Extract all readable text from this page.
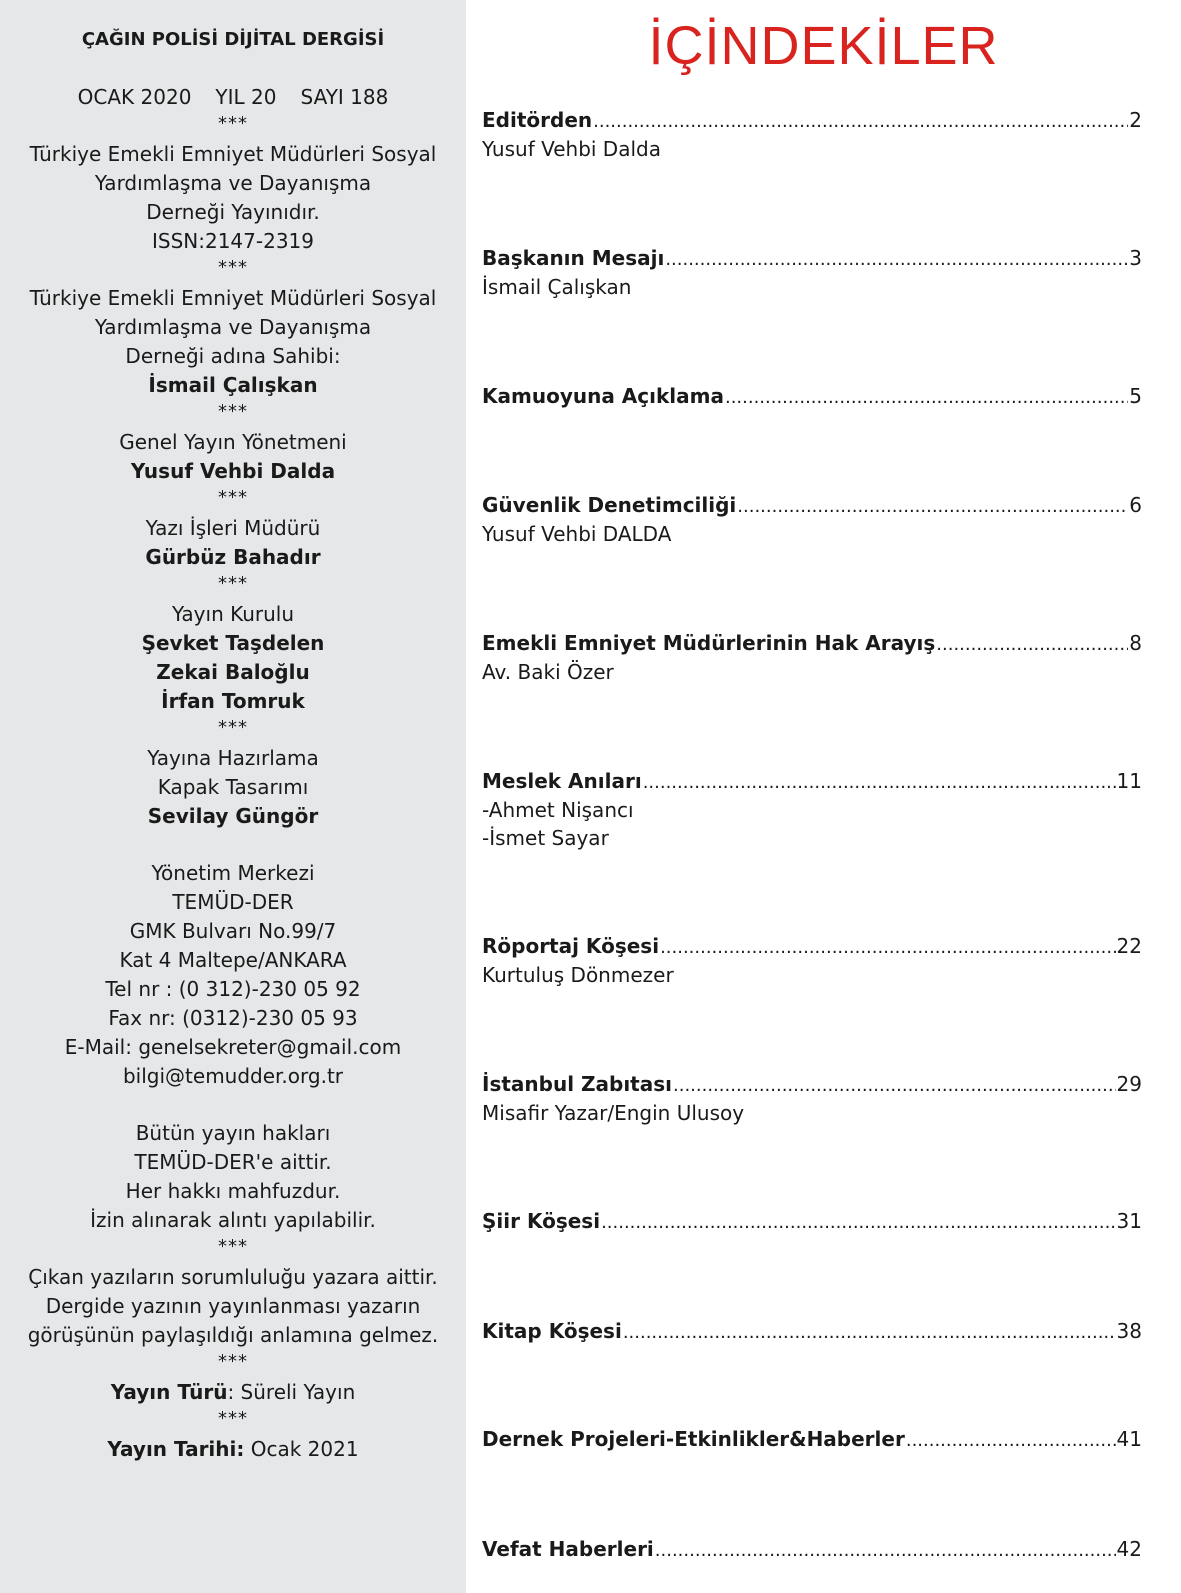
ÇAĞIN POLİSİ DİJİTAL DERGİSİ
OCAK 2020 YIL 20 SAYI 188
***
Türkiye Emekli Emniyet Müdürleri Sosyal
Yardımlaşma ve Dayanışma
Derneği Yayınıdır.
ISSN:2147-2319
***
Türkiye Emekli Emniyet Müdürleri Sosyal
Yardımlaşma ve Dayanışma
Derneği adına Sahibi:
İsmail Çalışkan
***
Genel Yayın Yönetmeni
Yusuf Vehbi Dalda
***
Yazı İşleri Müdürü
Gürbüz Bahadır
***
Yayın Kurulu
Şevket Taşdelen
Zekai Baloğlu
İrfan Tomruk
***
Yayına Hazırlama
Kapak Tasarımı
Sevilay Güngör
Yönetim Merkezi
TEMÜD-DER
GMK Bulvarı No.99/7
Kat 4 Maltepe/ANKARA
Tel nr : (0 312)-230 05 92
Fax nr: (0312)-230 05 93
E-Mail: genelsekreter@gmail.com
bilgi@temudder.org.tr
Bütün yayın hakları
TEMÜD-DER'e aittir.
Her hakkı mahfuzdur.
İzin alınarak alıntı yapılabilir.
***
Çıkan yazıların sorumluluğu yazara aittir.
Dergide yazının yayınlanması yazarın
görüşünün paylaşıldığı anlamına gelmez.
***
Yayın Türü: Süreli Yayın
***
Yayın Tarihi: Ocak 2021
İÇİNDEKİLER
Editörden .....	2
Yusuf Vehbi Dalda
Başkanın Mesajı .....	3
İsmail Çalışkan
Kamuoyuna Açıklama .....	5
Güvenlik Denetimciliği .....	6
Yusuf Vehbi DALDA
Emekli Emniyet Müdürlerinin Hak Arayış .....	8
Av. Baki Özer
Meslek Anıları .....	11
-Ahmet Nişancı
-İsmet Sayar
Röportaj Köşesi .....	22
Kurtuluş Dönmezer
İstanbul Zabıtası .....	29
Misafir Yazar/Engin Ulusoy
Şiir Köşesi .....	31
Kitap Köşesi .....	38
Dernek Projeleri-Etkinlikler&Haberler .....	41
Vefat Haberleri .....	42
